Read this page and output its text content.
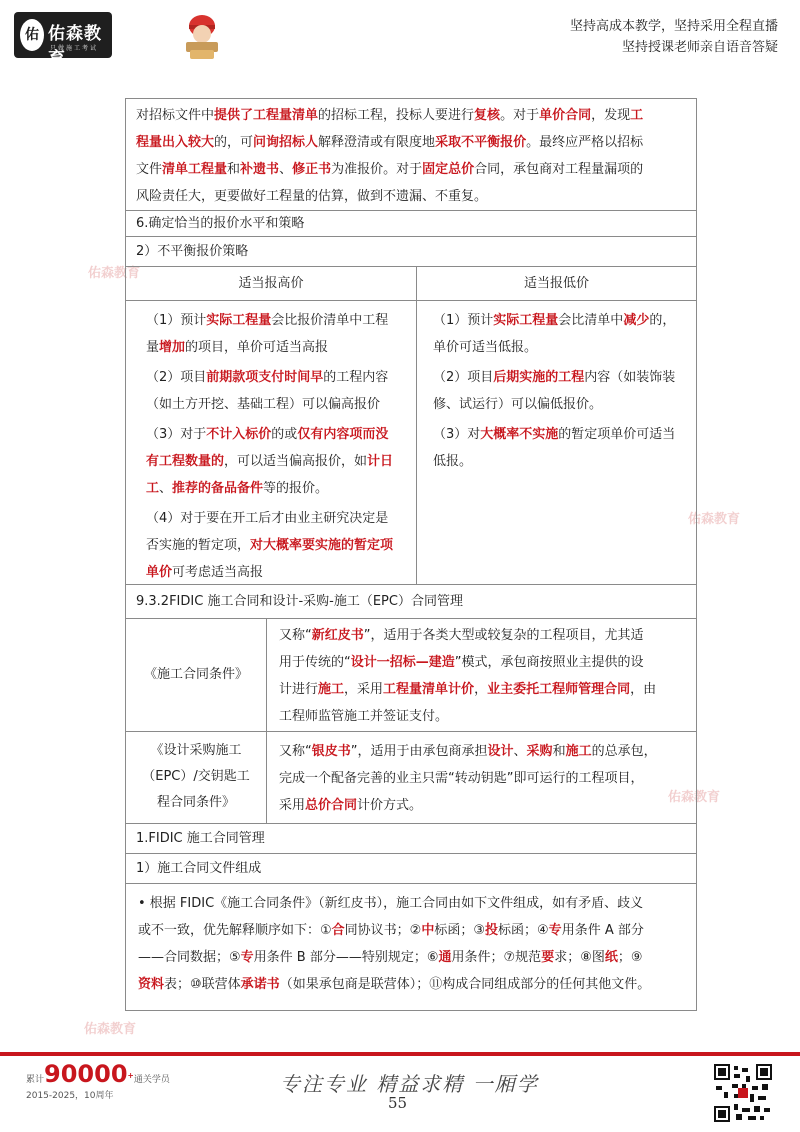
佑 佑森教育
只做施工考试
坚持高成本教学，坚持采用全程直播
坚持授课老师亲自语音答疑
佑森教育
佑森教育
佑森教育
佑森教育
对招标文件中提供了工程量清单的招标工程，投标人要进行复核。对于单价合同，发现工
程量出入较大的，可问询招标人解释澄清或有限度地采取不平衡报价。最终应严格以招标
文件清单工程量和补遗书、修正书为准报价。对于固定总价合同，承包商对工程量漏项的
风险责任大，更要做好工程量的估算，做到不遗漏、不重复。
6.确定恰当的报价水平和策略
2）不平衡报价策略
适当报高价	适当报低价
（1）预计实际工程量会比报价清单中工程
量增加的项目，单价可适当高报
（2）项目前期款项支付时间早的工程内容
（如土方开挖、基础工程）可以偏高报价
（3）对于不计入标价的或仅有内容项而没
有工程数量的，可以适当偏高报价，如计日
工、推荐的备品备件等的报价。
（4）对于要在开工后才由业主研究决定是
否实施的暂定项，对大概率要实施的暂定项
单价可考虑适当高报
（1）预计实际工程量会比清单中减少的，
单价可适当低报。
（2）项目后期实施的工程内容（如装饰装
修、试运行）可以偏低报价。
（3）对大概率不实施的暂定项单价可适当
低报。
9.3.2FIDIC 施工合同和设计-采购-施工（EPC）合同管理
《施工合同条件》
又称“新红皮书”，适用于各类大型或较复杂的工程项目，尤其适
用于传统的“设计一招标—建造”模式，承包商按照业主提供的设
计进行施工，采用工程量清单计价，业主委托工程师管理合同，由
工程师监管施工并签证支付。
《设计采购施工
（EPC）/交钥匙工
程合同条件》
又称“银皮书”，适用于由承包商承担设计、采购和施工的总承包，
完成一个配备完善的业主只需“转动钥匙”即可运行的工程项目，
采用总价合同计价方式。
1.FIDIC 施工合同管理
1）施工合同文件组成
• 根据 FIDIC《施工合同条件》（新红皮书），施工合同由如下文件组成，如有矛盾、歧义
或不一致，优先解释顺序如下：①合同协议书；②中标函；③投标函；④专用条件 A 部分
——合同数据；⑤专用条件 B 部分——特别规定；⑥通用条件；⑦规范要求；⑧图纸；⑨
资料表；⑩联营体承诺书（如果承包商是联营体）；⑪构成合同组成部分的任何其他文件。
累计90000+通关学员
2015-2025，10周年	专注专业 精益求精 一厢学
55
